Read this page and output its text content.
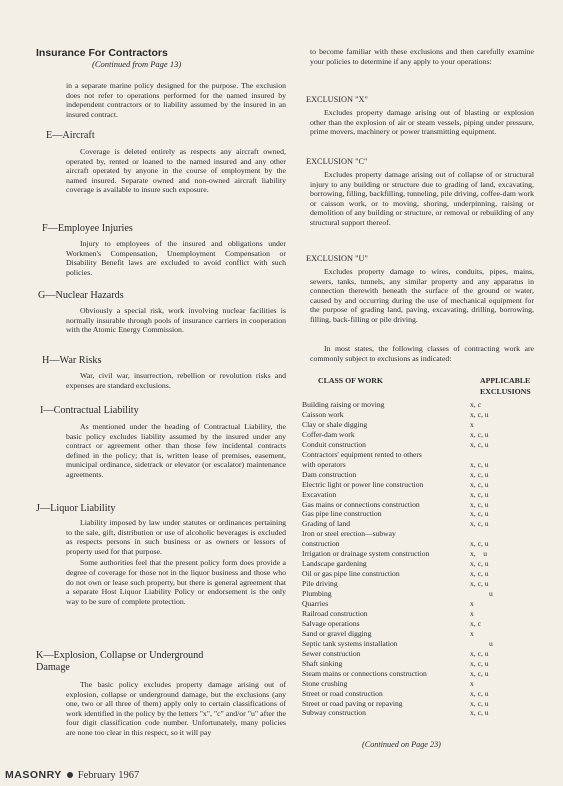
Insurance For Contractors
(Continued from Page 13)

in a separate marine policy designed for the purpose. The exclusion does not refer to operations performed for the named insured by independent contractors or to liability assumed by the insured in an insured contract.

E—Aircraft

Coverage is deleted entirely as respects any aircraft owned, operated by, rented or loaned to the named insured and any other aircraft operated by anyone in the course of employment by the named insured. Separate owned and non-owned aircraft liability coverage is available to insure such exposure.

F—Employee Injuries

Injury to employees of the insured and obligations under Workmen's Compensation, Unemployment Compensation or Disability Benefit laws are excluded to avoid conflict with such policies.

G—Nuclear Hazards

Obviously a special risk, work involving nuclear facilities is normally insurable through pools of insurance carriers in cooperation with the Atomic Energy Commission.

H—War Risks

War, civil war, insurrection, rebellion or revolution risks and expenses are standard exclusions.

I—Contractual Liability

As mentioned under the heading of Contractual Liability, the basic policy excludes liability assumed by the insured under any contract or agreement other than those few incidental contracts defined in the policy; that is, written lease of premises, easement, municipal ordinance, sidetrack or elevator (or escalator) maintenance agreements.

J—Liquor Liability

Liability imposed by law under statutes or ordinances pertaining to the sale, gift, distribution or use of alcoholic beverages is excluded as respects persons in such business or as owners or lessors of property used for that purpose.

Some authorities feel that the present policy form does provide a degree of coverage for those not in the liquor business and those who do not own or lease such property, but there is general agreement that a separate Host Liquor Liability Policy or endorsement is the only way to be sure of complete protection.

K—Explosion, Collapse or Underground Damage

The basic policy excludes property damage arising out of explosion, collapse or underground damage, but the exclusions (any one, two or all three of them) apply only to certain classifications of work identified in the policy by the letters "x", "c" and/or "u" after the four digit classification code number. Unfortunately, many policies are none too clear in this respect, so it will pay

to become familiar with these exclusions and then carefully examine your policies to determine if any apply to your operations:

EXCLUSION "X"

Excludes property damage arising out of blasting or explosion other than the explosion of air or steam vessels, piping under pressure, prime movers, machinery or power transmitting equipment.

EXCLUSION "C"

Excludes property damage arising out of collapse of or structural injury to any building or structure due to grading of land, excavating, borrowing, filling, backfilling, tunneling, pile driving, coffee-dam work or caisson work, or to moving, shoring, underpinning, raising or demolition of any building or structure, or removal or rebuilding of any structural support thereof.

EXCLUSION "U"

Excludes property damage to wires, conduits, pipes, mains, sewers, tanks, tunnels, any similar property and any apparatus in connection therewith beneath the surface of the ground or water, caused by and occurring during the use of mechanical equipment for the purpose of grading land, paving, excavating, drilling, borrowing, filling, back-filling or pile driving.

In most states, the following classes of contracting work are commonly subject to exclusions as indicated:

CLASS OF WORK	APPLICABLE
EXCLUSIONS
Building raising or moving	x, c
Caisson work	x, c, u
Clay or shale digging	x
Coffer-dam work	x, c, u
Conduit construction	x, c, u
Contractors' equipment rented to others
with operators	x, c, u
Dam construction	x, c, u
Electric light or power line construction	x, c, u
Excavation	x, c, u
Gas mains or connections construction	x, c, u
Gas pipe line construction	x, c, u
Grading of land	x, c, u
Iron or steel erection—subway
construction	x, c, u
Irrigation or drainage system construction	x,    u
Landscape gardening	x, c, u
Oil or gas pipe line construction	x, c, u
Pile driving	x, c, u
Plumbing	u
Quarries	x
Railroad construction	x
Salvage operations	x, c
Sand or gravel digging	x
Septic tank systems installation	u
Sewer construction	x, c, u
Shaft sinking	x, c, u
Steam mains or connections construction	x, c, u
Stone crushing	x
Street or road construction	x, c, u
Street or road paving or repaving	x, c, u
Subway construction	x, c, u
(Continued on Page 23)
MASONRY February 1967
